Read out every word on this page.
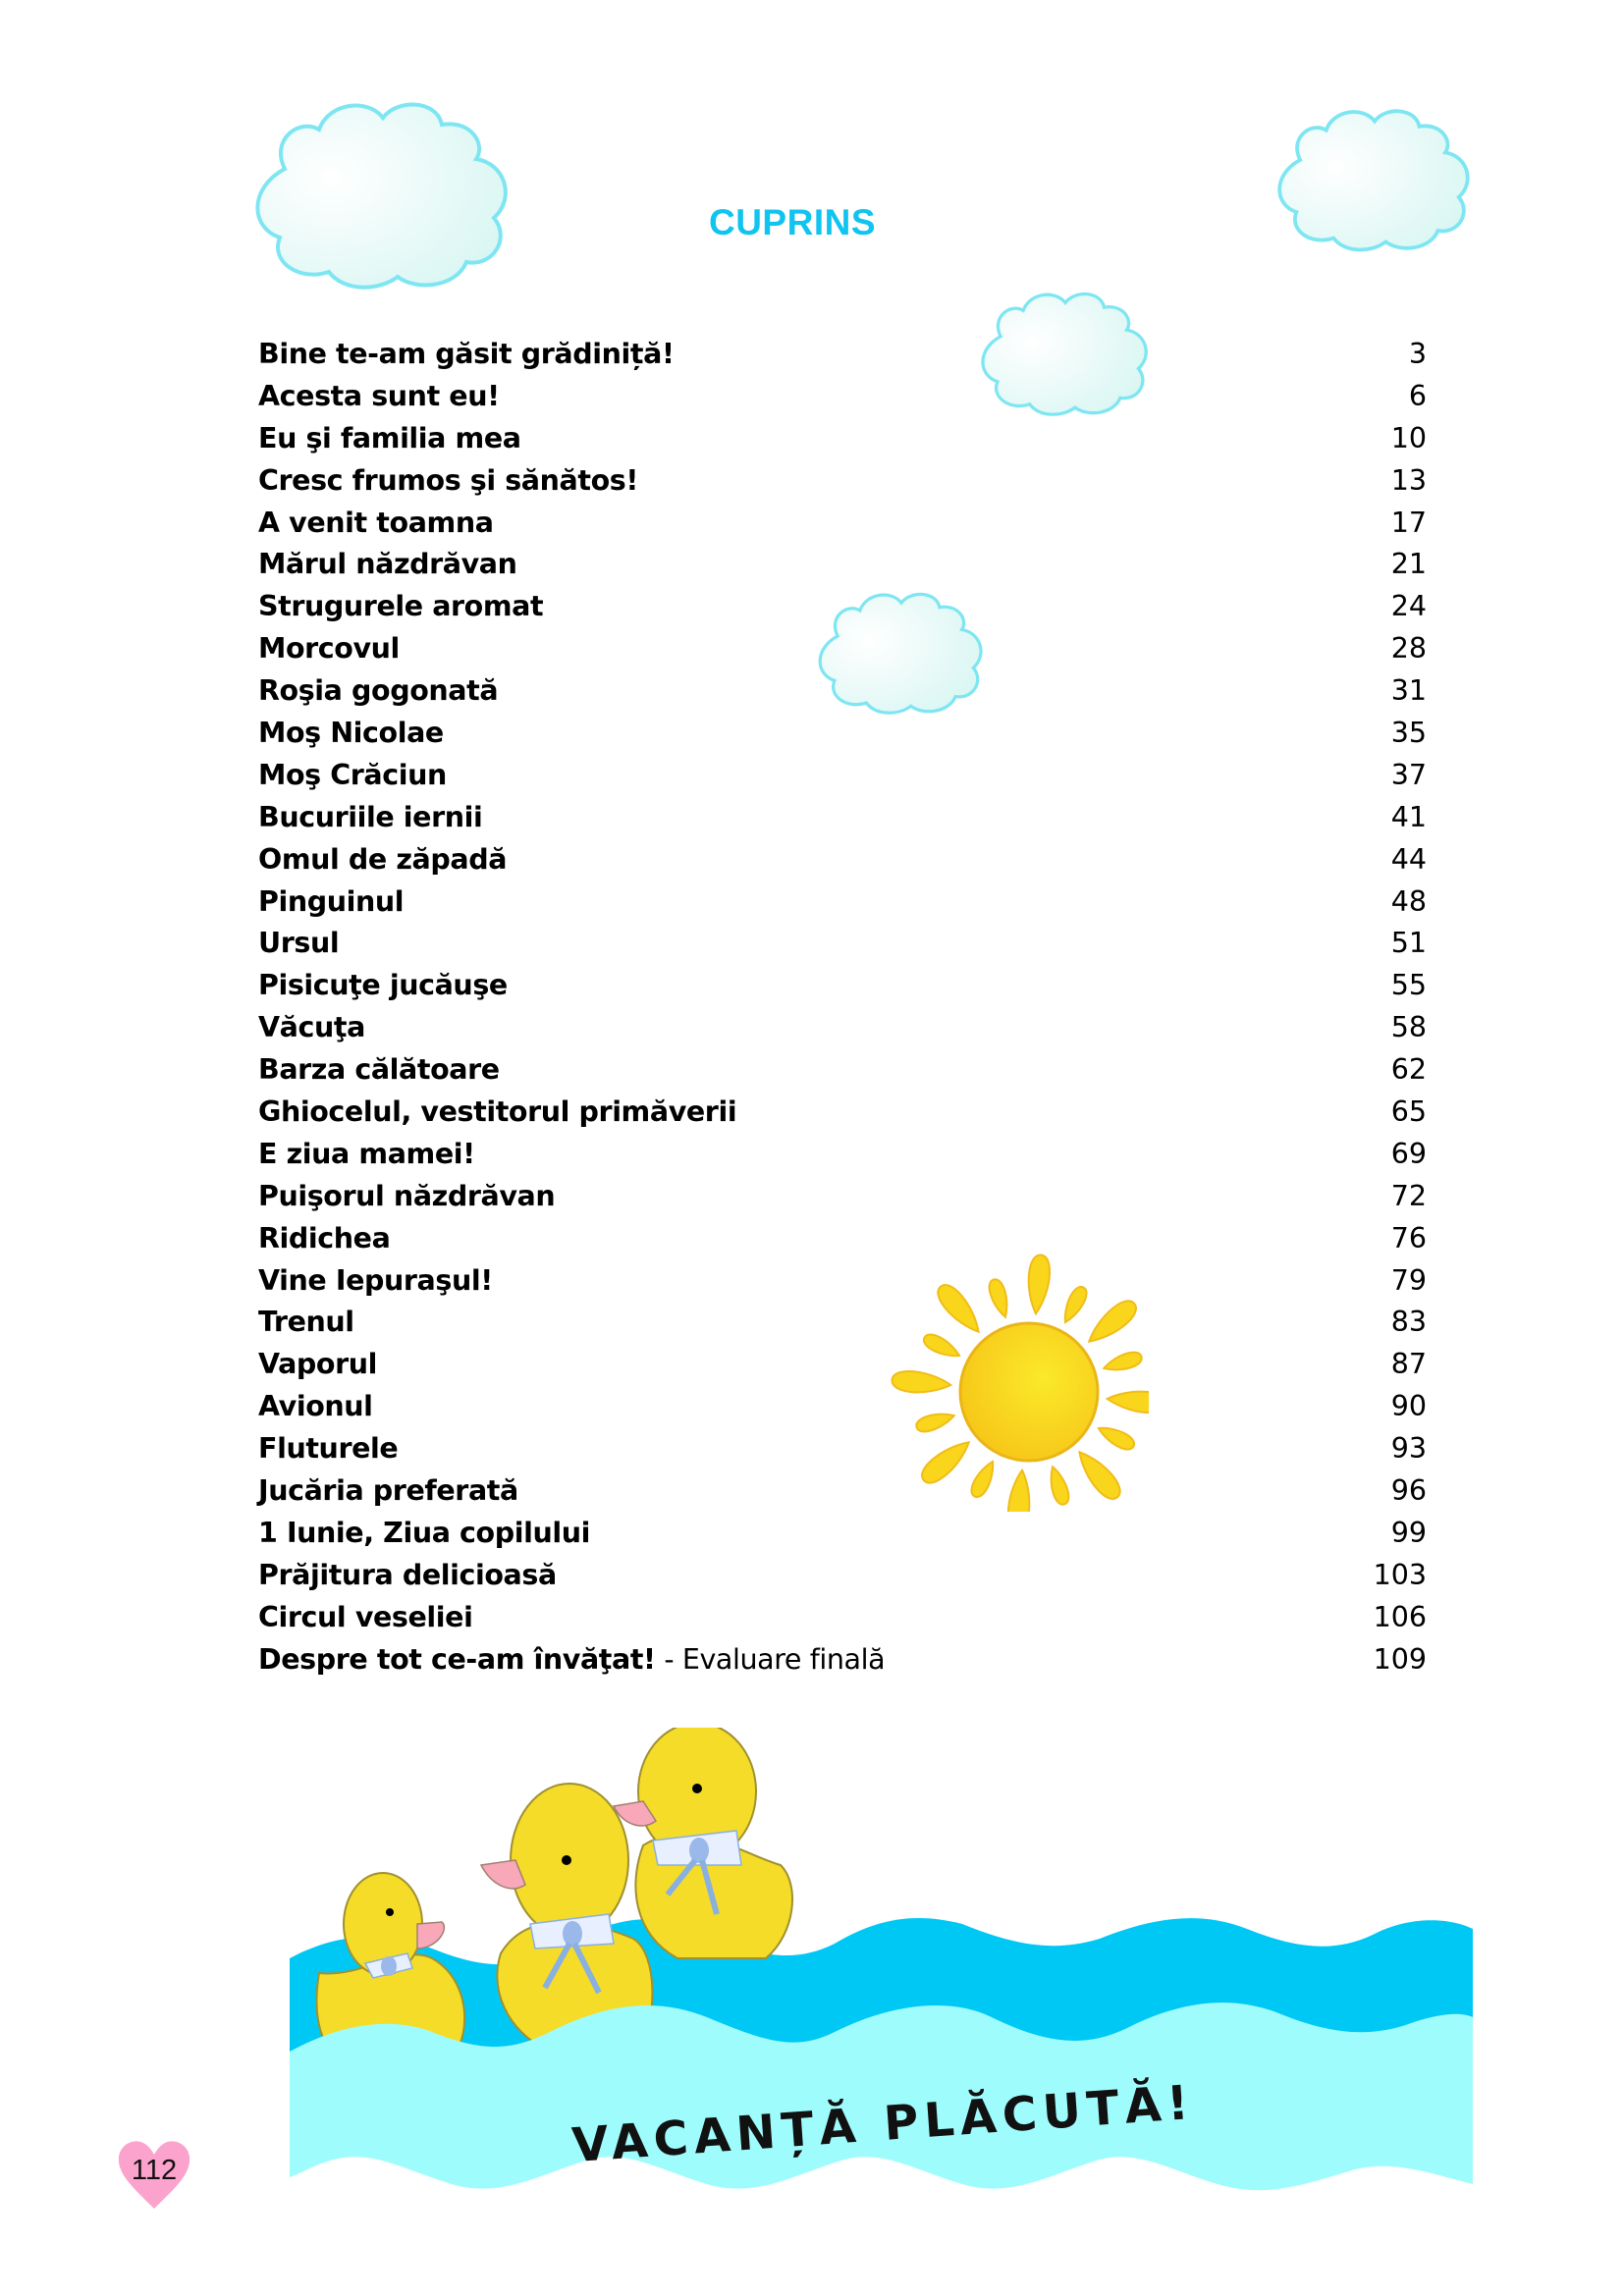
CUPRINS
Bine te-am găsit grădiniță!	3
Acesta sunt eu!	6
Eu şi familia mea	10
Cresc frumos şi sănătos!	13
A venit toamna	17
Mărul năzdrăvan	21
Strugurele aromat	24
Morcovul	28
Roşia gogonată	31
Moş Nicolae	35
Moş Crăciun	37
Bucuriile iernii	41
Omul de zăpadă	44
Pinguinul	48
Ursul	51
Pisicuţe jucăuşe	55
Văcuţa	58
Barza călătoare	62
Ghiocelul, vestitorul primăverii	65
E ziua mamei!	69
Puişorul năzdrăvan	72
Ridichea	76
Vine Iepuraşul!	79
Trenul	83
Vaporul	87
Avionul	90
Fluturele	93
Jucăria preferată	96
1 Iunie, Ziua copilului	99
Prăjitura delicioasă	103
Circul veseliei	106
Despre tot ce-am învăţat! - Evaluare finală	109
VACANȚĂ PLĂCUTĂ!
112
